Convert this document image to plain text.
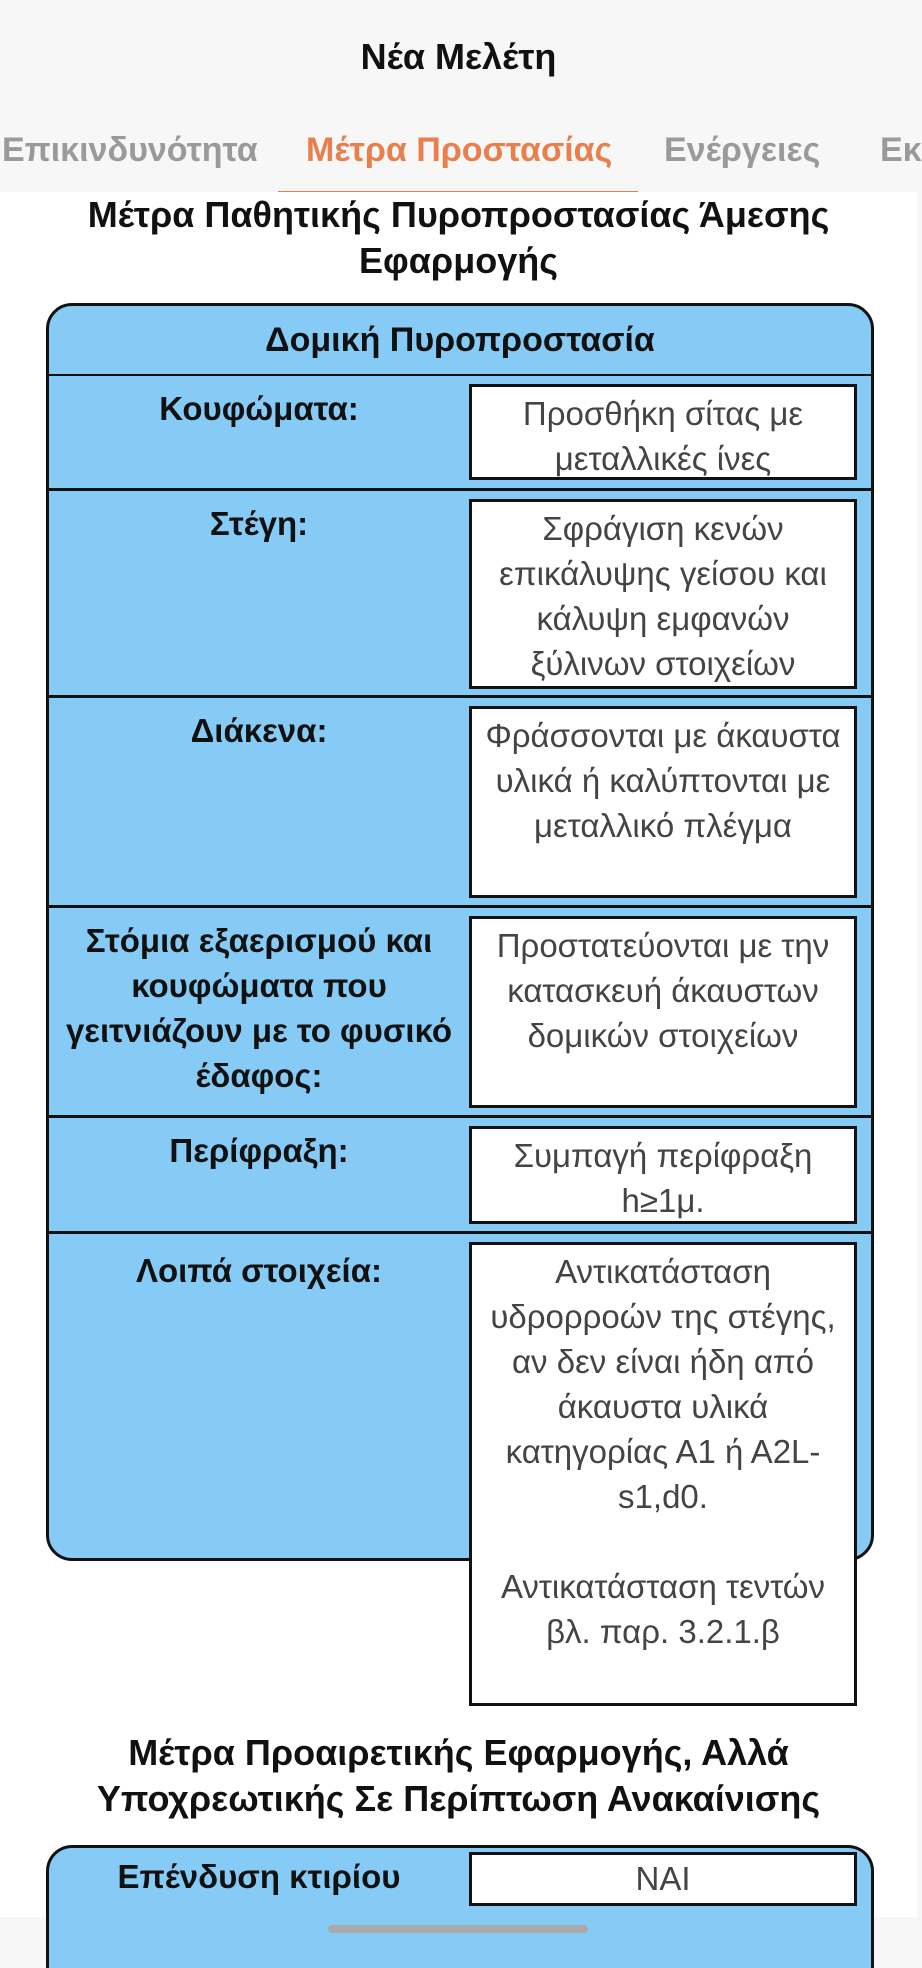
Νέα Μελέτη
Επικινδυνότητα Μέτρα Προστασίας Ενέργειες Εκ
Μέτρα Παθητικής Πυροπροστασίας Άμεσης Εφαρμογής
Δομική Πυροπροστασία
Κουφώματα:	Προσθήκη σίτας με μεταλλικές ίνες
Στέγη:	Σφράγιση κενών επικάλυψης γείσου και κάλυψη εμφανών ξύλινων στοιχείων
Διάκενα:	Φράσσονται με άκαυστα υλικά ή καλύπτονται με μεταλλικό πλέγμα
Στόμια εξαερισμού και κουφώματα που γειτνιάζουν με το φυσικό έδαφος:
Προστατεύονται με την κατασκευή άκαυστων δομικών στοιχείων
Περίφραξη:	Συμπαγή περίφραξη h≥1μ.
Λοιπά στοιχεία:	Αντικατάσταση υδρορροών της στέγης, αν δεν είναι ήδη από άκαυστα υλικά κατηγορίας Α1 ή Α2L-s1,d0.

Αντικατάσταση τεντών βλ. παρ. 3.2.1.β
Μέτρα Προαιρετικής Εφαρμογής, Αλλά Υποχρεωτικής Σε Περίπτωση Ανακαίνισης
Επένδυση κτιρίου	ΝΑΙ
